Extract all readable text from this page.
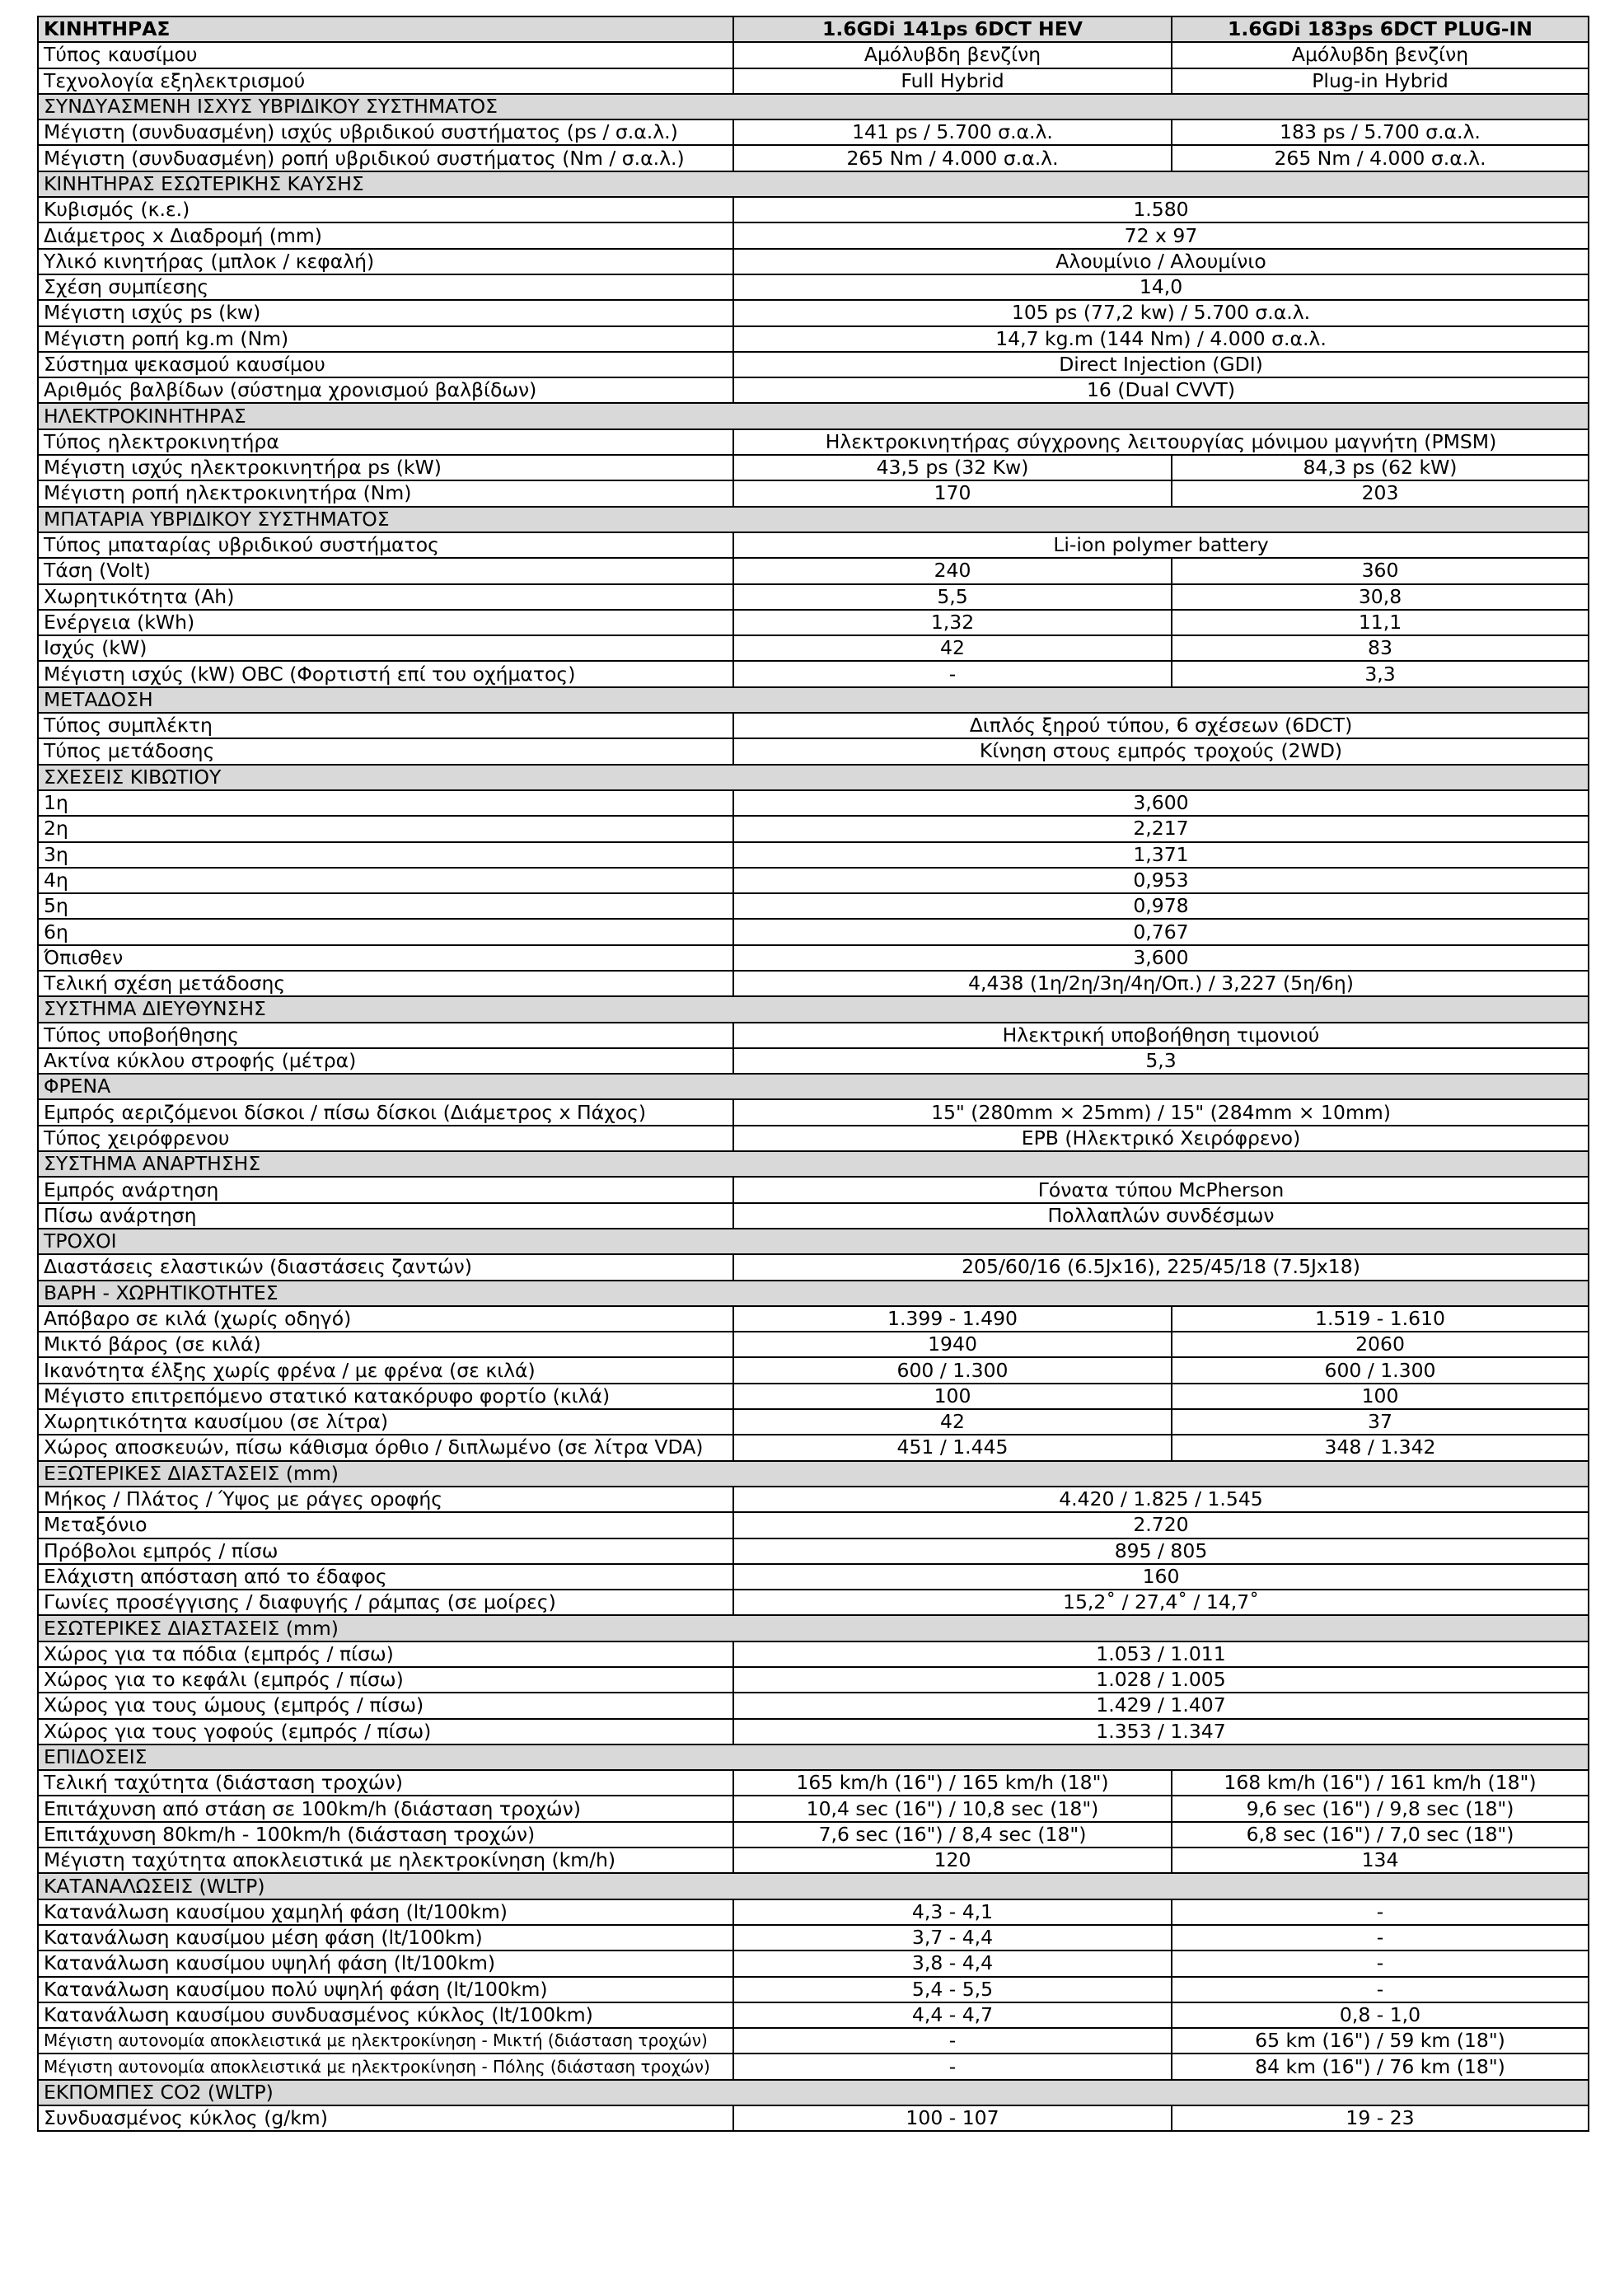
ΚΙΝΗΤΗΡΑΣ	1.6GDi 141ps 6DCT HEV	1.6GDi 183ps 6DCT PLUG-IN
Τύπος καυσίμου	Αμόλυβδη βενζίνη	Αμόλυβδη βενζίνη
Τεχνολογία εξηλεκτρισμού	Full Hybrid	Plug-in Hybrid
ΣΥΝΔΥΑΣΜΕΝΗ ΙΣΧΥΣ ΥΒΡΙΔΙΚΟΥ ΣΥΣΤΗΜΑΤΟΣ		
Μέγιστη (συνδυασμένη) ισχύς υβριδικού συστήματος (ps / σ.α.λ.)	141 ps / 5.700 σ.α.λ.	183 ps / 5.700 σ.α.λ.
Μέγιστη (συνδυασμένη) ροπή υβριδικού συστήματος (Nm / σ.α.λ.)	265 Nm / 4.000 σ.α.λ.	265 Nm / 4.000 σ.α.λ.
ΚΙΝΗΤΗΡΑΣ ΕΣΩΤΕΡΙΚΗΣ ΚΑΥΣΗΣ		
Κυβισμός (κ.ε.)	1.580	
Διάμετρος x Διαδρομή (mm)	72 x 97	
Υλικό κινητήρας (μπλοκ / κεφαλή)	Αλουμίνιο / Αλουμίνιο	
Σχέση συμπίεσης	14,0	
Μέγιστη ισχύς ps (kw)	105 ps (77,2 kw) / 5.700 σ.α.λ.	
Μέγιστη ροπή kg.m (Nm)	14,7 kg.m (144 Nm) / 4.000 σ.α.λ.	
Σύστημα ψεκασμού καυσίμου	Direct Injection (GDI)	
Αριθμός βαλβίδων (σύστημα χρονισμού βαλβίδων)	16 (Dual CVVT)	
ΗΛΕΚΤΡΟΚΙΝΗΤΗΡΑΣ		
Τύπος ηλεκτροκινητήρα	Ηλεκτροκινητήρας σύγχρονης λειτουργίας μόνιμου μαγνήτη (PMSM)	
Μέγιστη ισχύς ηλεκτροκινητήρα ps (kW)	43,5 ps (32 Kw)	84,3 ps (62 kW)
Μέγιστη ροπή ηλεκτροκινητήρα (Nm)	170	203
ΜΠΑΤΑΡΙΑ ΥΒΡΙΔΙΚΟΥ ΣΥΣΤΗΜΑΤΟΣ		
Τύπος μπαταρίας υβριδικού συστήματος	Li-ion polymer battery	
Τάση (Volt)	240	360
Χωρητικότητα (Ah)	5,5	30,8
Ενέργεια (kWh)	1,32	11,1
Ισχύς (kW)	42	83
Μέγιστη ισχύς (kW) OBC (Φορτιστή επί του οχήματος)	-	3,3
ΜΕΤΑΔΟΣΗ		
Τύπος συμπλέκτη	Διπλός ξηρού τύπου, 6 σχέσεων (6DCT)	
Τύπος μετάδοσης	Κίνηση στους εμπρός τροχούς (2WD)	
ΣΧΕΣΕΙΣ ΚΙΒΩΤΙΟΥ		
1η	3,600	
2η	2,217	
3η	1,371	
4η	0,953	
5η	0,978	
6η	0,767	
Όπισθεν	3,600	
Τελική σχέση μετάδοσης	4,438 (1η/2η/3η/4η/Οπ.) / 3,227 (5η/6η)	
ΣΥΣΤΗΜΑ ΔΙΕΥΘΥΝΣΗΣ		
Τύπος υποβοήθησης	Ηλεκτρική υποβοήθηση τιμονιού	
Ακτίνα κύκλου στροφής (μέτρα)	5,3	
ΦΡΕΝΑ		
Εμπρός αεριζόμενοι δίσκοι / πίσω δίσκοι (Διάμετρος x Πάχος)	15" (280mm × 25mm) / 15" (284mm × 10mm)	
Τύπος χειρόφρενου	EPB (Ηλεκτρικό Χειρόφρενο)	
ΣΥΣΤΗΜΑ ΑΝΑΡΤΗΣΗΣ		
Εμπρός ανάρτηση	Γόνατα τύπου McPherson	
Πίσω ανάρτηση	Πολλαπλών συνδέσμων	
ΤΡΟΧΟΙ		
Διαστάσεις ελαστικών (διαστάσεις ζαντών)	205/60/16 (6.5Jx16), 225/45/18 (7.5Jx18)	
ΒΑΡΗ - ΧΩΡΗΤΙΚΟΤΗΤΕΣ		
Απόβαρο σε κιλά (χωρίς οδηγό)	1.399 - 1.490	1.519 - 1.610
Μικτό βάρος (σε κιλά)	1940	2060
Ικανότητα έλξης χωρίς φρένα / με φρένα (σε κιλά)	600 / 1.300	600 / 1.300
Μέγιστο επιτρεπόμενο στατικό κατακόρυφο φορτίο (κιλά)	100	100
Χωρητικότητα καυσίμου (σε λίτρα)	42	37
Χώρος αποσκευών, πίσω κάθισμα όρθιο / διπλωμένο (σε λίτρα VDA)	451 / 1.445	348 / 1.342
ΕΞΩΤΕΡΙΚΕΣ ΔΙΑΣΤΑΣΕΙΣ (mm)		
Μήκος / Πλάτος / Ύψος με ράγες οροφής	4.420 / 1.825 / 1.545	
Μεταξόνιο	2.720	
Πρόβολοι εμπρός / πίσω	895 / 805	
Ελάχιστη απόσταση από το έδαφος	160	
Γωνίες προσέγγισης / διαφυγής / ράμπας (σε μοίρες)	15,2˚ / 27,4˚ / 14,7˚	
ΕΣΩΤΕΡΙΚΕΣ ΔΙΑΣΤΑΣΕΙΣ (mm)		
Χώρος για τα πόδια (εμπρός / πίσω)	1.053 / 1.011	
Χώρος για το κεφάλι (εμπρός / πίσω)	1.028 / 1.005	
Χώρος για τους ώμους (εμπρός / πίσω)	1.429 / 1.407	
Χώρος για τους γοφούς (εμπρός / πίσω)	1.353 / 1.347	
ΕΠΙΔΟΣΕΙΣ		
Τελική ταχύτητα (διάσταση τροχών)	165 km/h (16") / 165 km/h (18")	168 km/h (16") / 161 km/h (18")
Επιτάχυνση από στάση σε 100km/h (διάσταση τροχών)	10,4 sec (16") / 10,8 sec (18")	9,6 sec (16") / 9,8 sec (18")
Επιτάχυνση 80km/h - 100km/h (διάσταση τροχών)	7,6 sec (16") / 8,4 sec (18")	6,8 sec (16") / 7,0 sec (18")
Μέγιστη ταχύτητα αποκλειστικά με ηλεκτροκίνηση (km/h)	120	134
ΚΑΤΑΝΑΛΩΣΕΙΣ (WLTP)		
Κατανάλωση καυσίμου χαμηλή φάση (lt/100km)	4,3 - 4,1	-
Κατανάλωση καυσίμου μέση φάση (lt/100km)	3,7 - 4,4	-
Κατανάλωση καυσίμου υψηλή φάση (lt/100km)	3,8 - 4,4	-
Κατανάλωση καυσίμου πολύ υψηλή φάση (lt/100km)	5,4 - 5,5	-
Κατανάλωση καυσίμου συνδυασμένος κύκλος (lt/100km)	4,4 - 4,7	0,8 - 1,0
Μέγιστη αυτονομία αποκλειστικά με ηλεκτροκίνηση - Μικτή (διάσταση τροχών)	-	65 km (16") / 59 km (18")
Μέγιστη αυτονομία αποκλειστικά με ηλεκτροκίνηση - Πόλης (διάσταση τροχών)	-	84 km (16") / 76 km (18")
ΕΚΠΟΜΠΕΣ CO2 (WLTP)		
Συνδυασμένος κύκλος (g/km)	100 - 107	19 - 23
